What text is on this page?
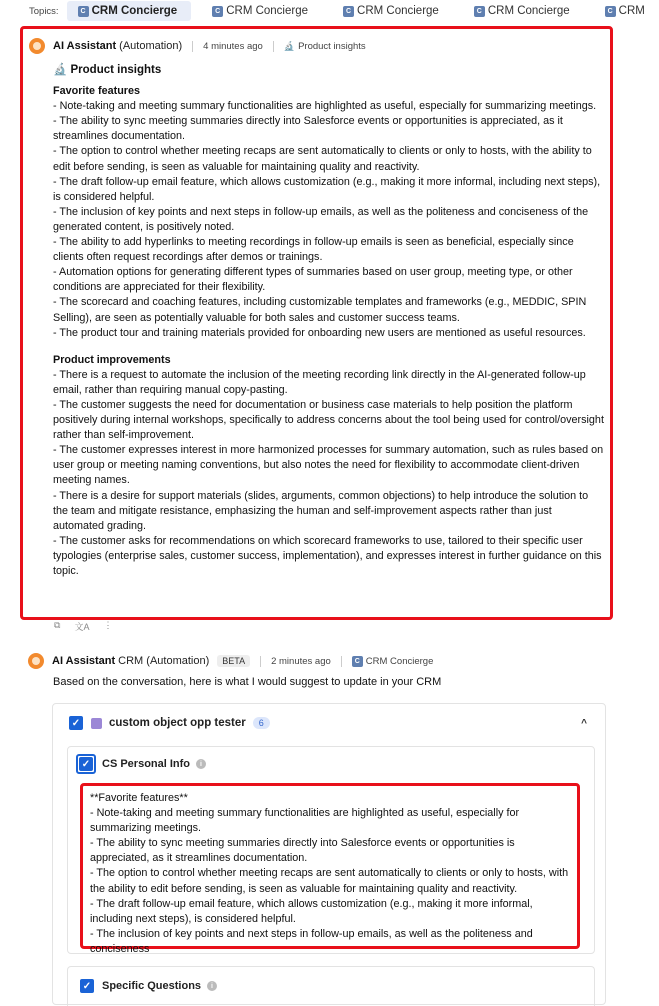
Topics:	C CRM Concierge	C CRM Concierge	C CRM Concierge	C CRM Concierge	C CRM
AI Assistant (Automation) 4 minutes ago 🔬 Product insights
🔬 Product insights
Favorite features
- Note-taking and meeting summary functionalities are highlighted as useful, especially for summarizing meetings.
- The ability to sync meeting summaries directly into Salesforce events or opportunities is appreciated, as it streamlines documentation.
- The option to control whether meeting recaps are sent automatically to clients or only to hosts, with the ability to edit before sending, is seen as valuable for maintaining quality and reactivity.
- The draft follow-up email feature, which allows customization (e.g., making it more informal, including next steps), is considered helpful.
- The inclusion of key points and next steps in follow-up emails, as well as the politeness and conciseness of the generated content, is positively noted.
- The ability to add hyperlinks to meeting recordings in follow-up emails is seen as beneficial, especially since clients often request recordings after demos or trainings.
- Automation options for generating different types of summaries based on user group, meeting type, or other conditions are appreciated for their flexibility.
- The scorecard and coaching features, including customizable templates and frameworks (e.g., MEDDIC, SPIN Selling), are seen as potentially valuable for both sales and customer success teams.
- The product tour and training materials provided for onboarding new users are mentioned as useful resources.
Product improvements
- There is a request to automate the inclusion of the meeting recording link directly in the AI-generated follow-up email, rather than requiring manual copy-pasting.
- The customer suggests the need for documentation or business case materials to help position the platform positively during internal workshops, specifically to address concerns about the tool being used for control/oversight rather than self-improvement.
- The customer expresses interest in more harmonized processes for summary automation, such as rules based on user group or meeting naming conventions, but also notes the need for flexibility to accommodate client-driven meeting names.
- There is a desire for support materials (slides, arguments, common objections) to help introduce the solution to the team and mitigate resistance, emphasizing the human and self-improvement aspects rather than just automated grading.
- The customer asks for recommendations on which scorecard frameworks to use, tailored to their specific user typologies (enterprise sales, customer success, implementation), and expresses interest in further guidance on this topic.
⧉ 文A ⋮
AI Assistant CRM (Automation)	BETA	2 minutes ago	C CRM Concierge
Based on the conversation, here is what I would suggest to update in your CRM
✓	custom object opp tester	6	^
✓ CS Personal Info	i
**Favorite features**
- Note-taking and meeting summary functionalities are highlighted as useful, especially for summarizing meetings.
- The ability to sync meeting summaries directly into Salesforce events or opportunities is appreciated, as it streamlines documentation.
- The option to control whether meeting recaps are sent automatically to clients or only to hosts, with the ability to edit before sending, is seen as valuable for maintaining quality and reactivity.
- The draft follow-up email feature, which allows customization (e.g., making it more informal, including next steps), is considered helpful.
- The inclusion of key points and next steps in follow-up emails, as well as the politeness and conciseness
✓ Specific Questions	i
